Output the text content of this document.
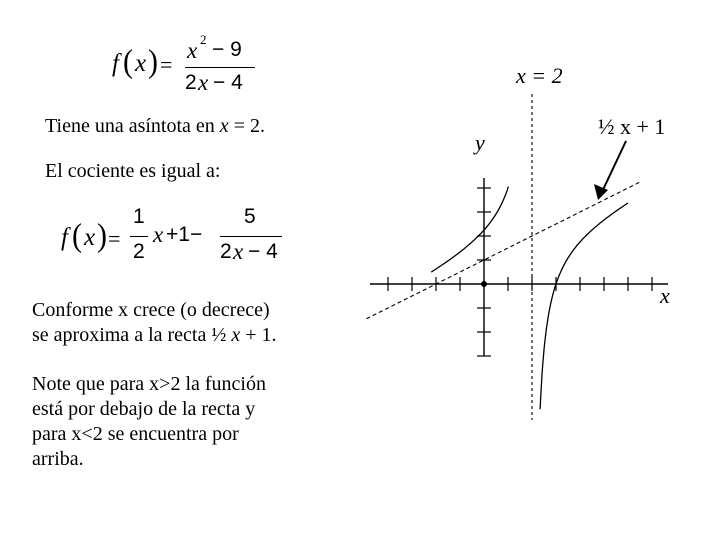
f ( x ) =
x 2 − 9
2 x − 4
Tiene una asíntota en x = 2.
El cociente es igual a:
f ( x ) =
1
2
x +1−
5
2 x − 4
Conforme x crece (o decrece)
se aproxima a la recta ½ x + 1.
Note que para x>2 la función
está por debajo de la recta y
para x<2 se encuentra por
arriba.
x = 2
½ x + 1
y
x
